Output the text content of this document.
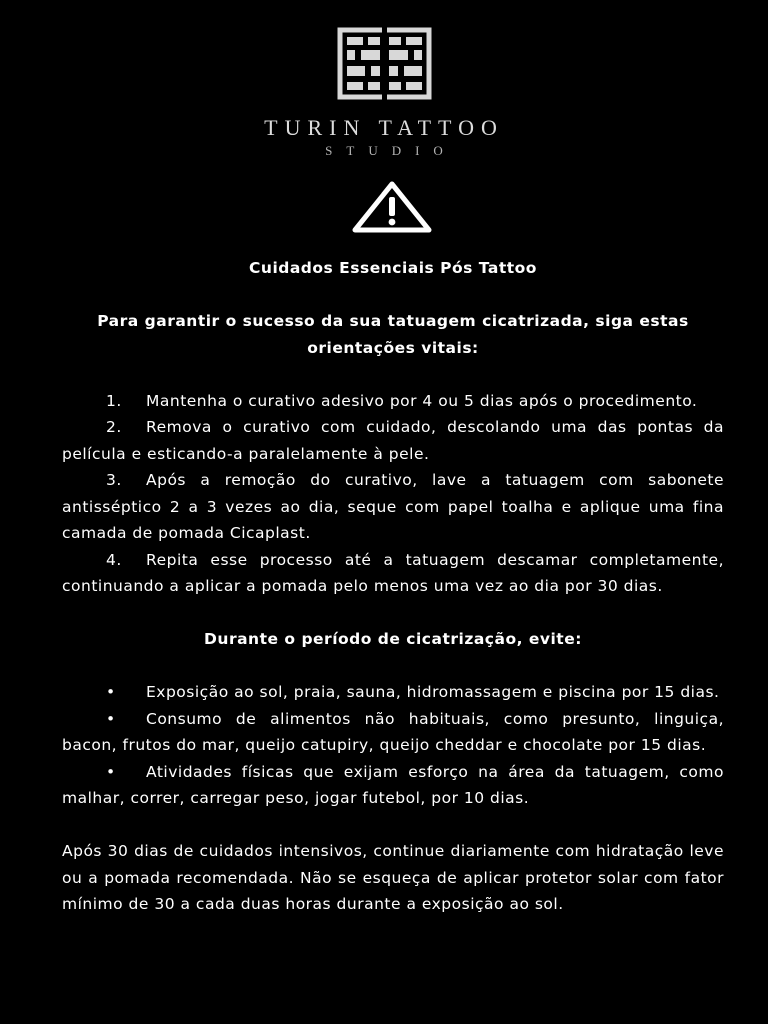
TURIN TATTOO
STUDIO

Cuidados Essenciais Pós Tattoo

Para garantir o sucesso da sua tatuagem cicatrizada, siga estas orientações vitais:

1. Mantenha o curativo adesivo por 4 ou 5 dias após o procedimento.

2. Remova o curativo com cuidado, descolando uma das pontas da película e esticando-a paralelamente à pele.

3. Após a remoção do curativo, lave a tatuagem com sabonete antisséptico 2 a 3 vezes ao dia, seque com papel toalha e aplique uma fina camada de pomada Cicaplast.

4. Repita esse processo até a tatuagem descamar completamente, continuando a aplicar a pomada pelo menos uma vez ao dia por 30 dias.

Durante o período de cicatrização, evite:

• Exposição ao sol, praia, sauna, hidromassagem e piscina por 15 dias.

• Consumo de alimentos não habituais, como presunto, linguiça, bacon, frutos do mar, queijo catupiry, queijo cheddar e chocolate por 15 dias.

• Atividades físicas que exijam esforço na área da tatuagem, como malhar, correr, carregar peso, jogar futebol, por 10 dias.

Após 30 dias de cuidados intensivos, continue diariamente com hidratação leve ou a pomada recomendada. Não se esqueça de aplicar protetor solar com fator mínimo de 30 a cada duas horas durante a exposição ao sol.
